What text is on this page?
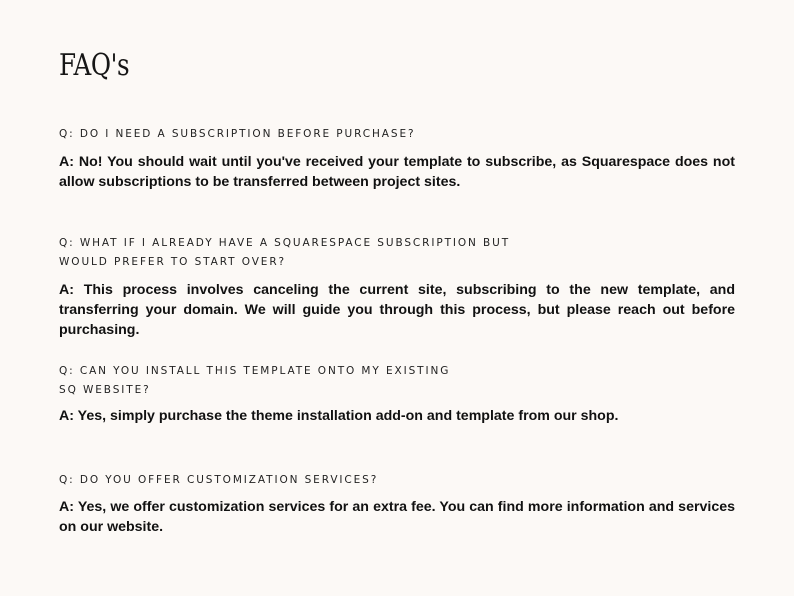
FAQ's

Q: DO I NEED A SUBSCRIPTION BEFORE PURCHASE?

A: No! You should wait until you've received your template to subscribe, as Squarespace does not allow subscriptions to be transferred between project sites.

Q: WHAT IF I ALREADY HAVE A SQUARESPACE SUBSCRIPTION BUT
WOULD PREFER TO START OVER?

A: This process involves canceling the current site, subscribing to the new template, and transferring your domain. We will guide you through this process, but please reach out before purchasing.

Q: CAN YOU INSTALL THIS TEMPLATE ONTO MY EXISTING
SQ WEBSITE?

A: Yes, simply purchase the theme installation add-on and template from our shop.

Q: DO YOU OFFER CUSTOMIZATION SERVICES?

A: Yes, we offer customization services for an extra fee. You can find more information and services on our website.
